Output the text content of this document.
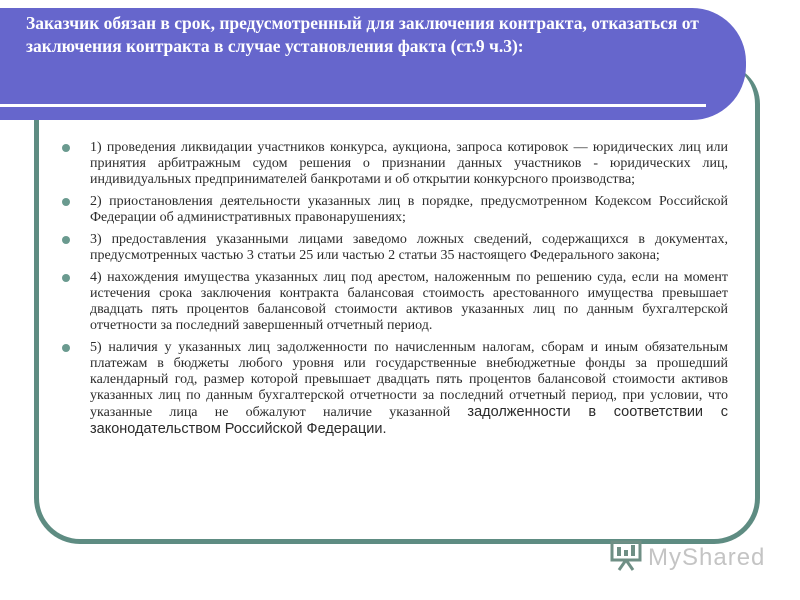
Заказчик обязан в срок, предусмотренный для заключения контракта, отказаться от заключения контракта в случае установления факта (ст.9 ч.3):
1) проведения ликвидации участников конкурса, аукциона, запроса котировок — юридических лиц или принятия арбитражным судом решения о признании данных участников - юридических лиц, индивидуальных предпринимателей банкротами и об открытии конкурсного производства;
2) приостановления деятельности указанных лиц в порядке, предусмотренном Кодексом Российской Федерации об административных правонарушениях;
3) предоставления указанными лицами заведомо ложных сведений, содержащихся в документах, предусмотренных частью 3 статьи 25 или частью 2 статьи 35 настоящего Федерального закона;
4) нахождения имущества указанных лиц под арестом, наложенным по решению суда, если на момент истечения срока заключения контракта балансовая стоимость арестованного имущества превышает двадцать пять процентов балансовой стоимости активов указанных лиц по данным бухгалтерской отчетности за последний завершенный отчетный период.
5) наличия у указанных лиц задолженности по начисленным налогам, сборам и иным обязательным платежам в бюджеты любого уровня или государственные внебюджетные фонды за прошедший календарный год, размер которой превышает двадцать пять процентов балансовой стоимости активов указанных лиц по данным бухгалтерской отчетности за последний отчетный период, при условии, что указанные лица не обжалуют наличие указанной задолженности в соответствии с законодательством Российской Федерации.
MyShared
